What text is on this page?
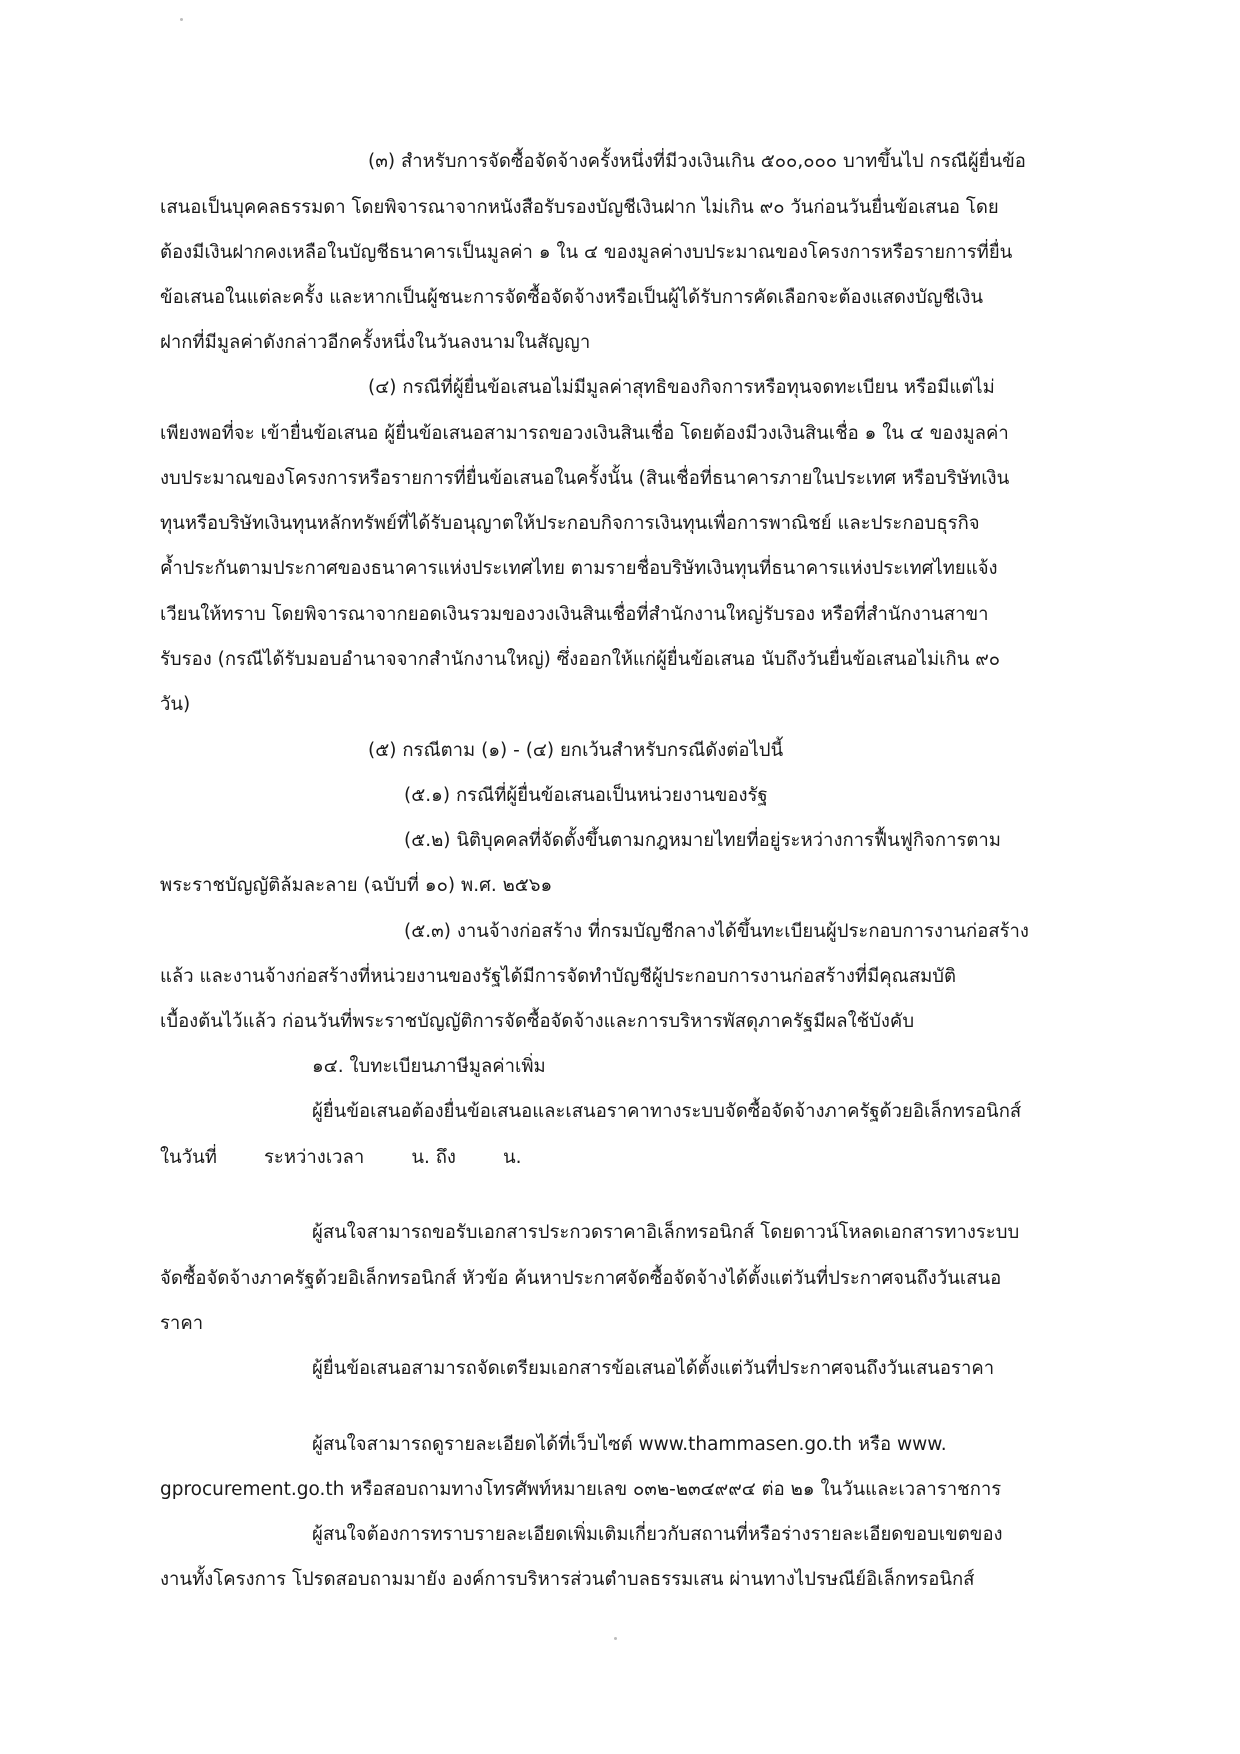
(๓) สำหรับการจัดซื้อจัดจ้างครั้งหนึ่งที่มีวงเงินเกิน ๕๐๐,๐๐๐ บาทขึ้นไป กรณีผู้ยื่นข้อ
เสนอเป็นบุคคลธรรมดา โดยพิจารณาจากหนังสือรับรองบัญชีเงินฝาก ไม่เกิน ๙๐ วันก่อนวันยื่นข้อเสนอ โดย
ต้องมีเงินฝากคงเหลือในบัญชีธนาคารเป็นมูลค่า ๑ ใน ๔ ของมูลค่างบประมาณของโครงการหรือรายการที่ยื่น
ข้อเสนอในแต่ละครั้ง และหากเป็นผู้ชนะการจัดซื้อจัดจ้างหรือเป็นผู้ได้รับการคัดเลือกจะต้องแสดงบัญชีเงิน
ฝากที่มีมูลค่าดังกล่าวอีกครั้งหนึ่งในวันลงนามในสัญญา
(๔) กรณีที่ผู้ยื่นข้อเสนอไม่มีมูลค่าสุทธิของกิจการหรือทุนจดทะเบียน หรือมีแต่ไม่
เพียงพอที่จะ เข้ายื่นข้อเสนอ ผู้ยื่นข้อเสนอสามารถขอวงเงินสินเชื่อ โดยต้องมีวงเงินสินเชื่อ ๑ ใน ๔ ของมูลค่า
งบประมาณของโครงการหรือรายการที่ยื่นข้อเสนอในครั้งนั้น (สินเชื่อที่ธนาคารภายในประเทศ หรือบริษัทเงิน
ทุนหรือบริษัทเงินทุนหลักทรัพย์ที่ได้รับอนุญาตให้ประกอบกิจการเงินทุนเพื่อการพาณิชย์ และประกอบธุรกิจ
ค้ำประกันตามประกาศของธนาคารแห่งประเทศไทย ตามรายชื่อบริษัทเงินทุนที่ธนาคารแห่งประเทศไทยแจ้ง
เวียนให้ทราบ โดยพิจารณาจากยอดเงินรวมของวงเงินสินเชื่อที่สำนักงานใหญ่รับรอง หรือที่สำนักงานสาขา
รับรอง (กรณีได้รับมอบอำนาจจากสำนักงานใหญ่) ซึ่งออกให้แก่ผู้ยื่นข้อเสนอ นับถึงวันยื่นข้อเสนอไม่เกิน ๙๐
วัน)
(๕) กรณีตาม (๑) - (๔) ยกเว้นสำหรับกรณีดังต่อไปนี้
(๕.๑) กรณีที่ผู้ยื่นข้อเสนอเป็นหน่วยงานของรัฐ
(๕.๒) นิติบุคคลที่จัดตั้งขึ้นตามกฎหมายไทยที่อยู่ระหว่างการฟื้นฟูกิจการตาม
พระราชบัญญัติล้มละลาย (ฉบับที่ ๑๐) พ.ศ. ๒๕๖๑
(๕.๓) งานจ้างก่อสร้าง ที่กรมบัญชีกลางได้ขึ้นทะเบียนผู้ประกอบการงานก่อสร้าง
แล้ว และงานจ้างก่อสร้างที่หน่วยงานของรัฐได้มีการจัดทำบัญชีผู้ประกอบการงานก่อสร้างที่มีคุณสมบัติ
เบื้องต้นไว้แล้ว ก่อนวันที่พระราชบัญญัติการจัดซื้อจัดจ้างและการบริหารพัสดุภาครัฐมีผลใช้บังคับ
๑๔. ใบทะเบียนภาษีมูลค่าเพิ่ม
ผู้ยื่นข้อเสนอต้องยื่นข้อเสนอและเสนอราคาทางระบบจัดซื้อจัดจ้างภาครัฐด้วยอิเล็กทรอนิกส์
ในวันที่        ระหว่างเวลา        น. ถึง        น.
ผู้สนใจสามารถขอรับเอกสารประกวดราคาอิเล็กทรอนิกส์ โดยดาวน์โหลดเอกสารทางระบบ
จัดซื้อจัดจ้างภาครัฐด้วยอิเล็กทรอนิกส์ หัวข้อ ค้นหาประกาศจัดซื้อจัดจ้างได้ตั้งแต่วันที่ประกาศจนถึงวันเสนอ
ราคา
ผู้ยื่นข้อเสนอสามารถจัดเตรียมเอกสารข้อเสนอได้ตั้งแต่วันที่ประกาศจนถึงวันเสนอราคา
ผู้สนใจสามารถดูรายละเอียดได้ที่เว็บไซต์ www.thammasen.go.th หรือ www.
gprocurement.go.th หรือสอบถามทางโทรศัพท์หมายเลข ๐๓๒-๒๓๔๙๙๔ ต่อ ๒๑ ในวันและเวลาราชการ
ผู้สนใจต้องการทราบรายละเอียดเพิ่มเติมเกี่ยวกับสถานที่หรือร่างรายละเอียดขอบเขตของ
งานทั้งโครงการ โปรดสอบถามมายัง องค์การบริหารส่วนตำบลธรรมเสน ผ่านทางไปรษณีย์อิเล็กทรอนิกส์
